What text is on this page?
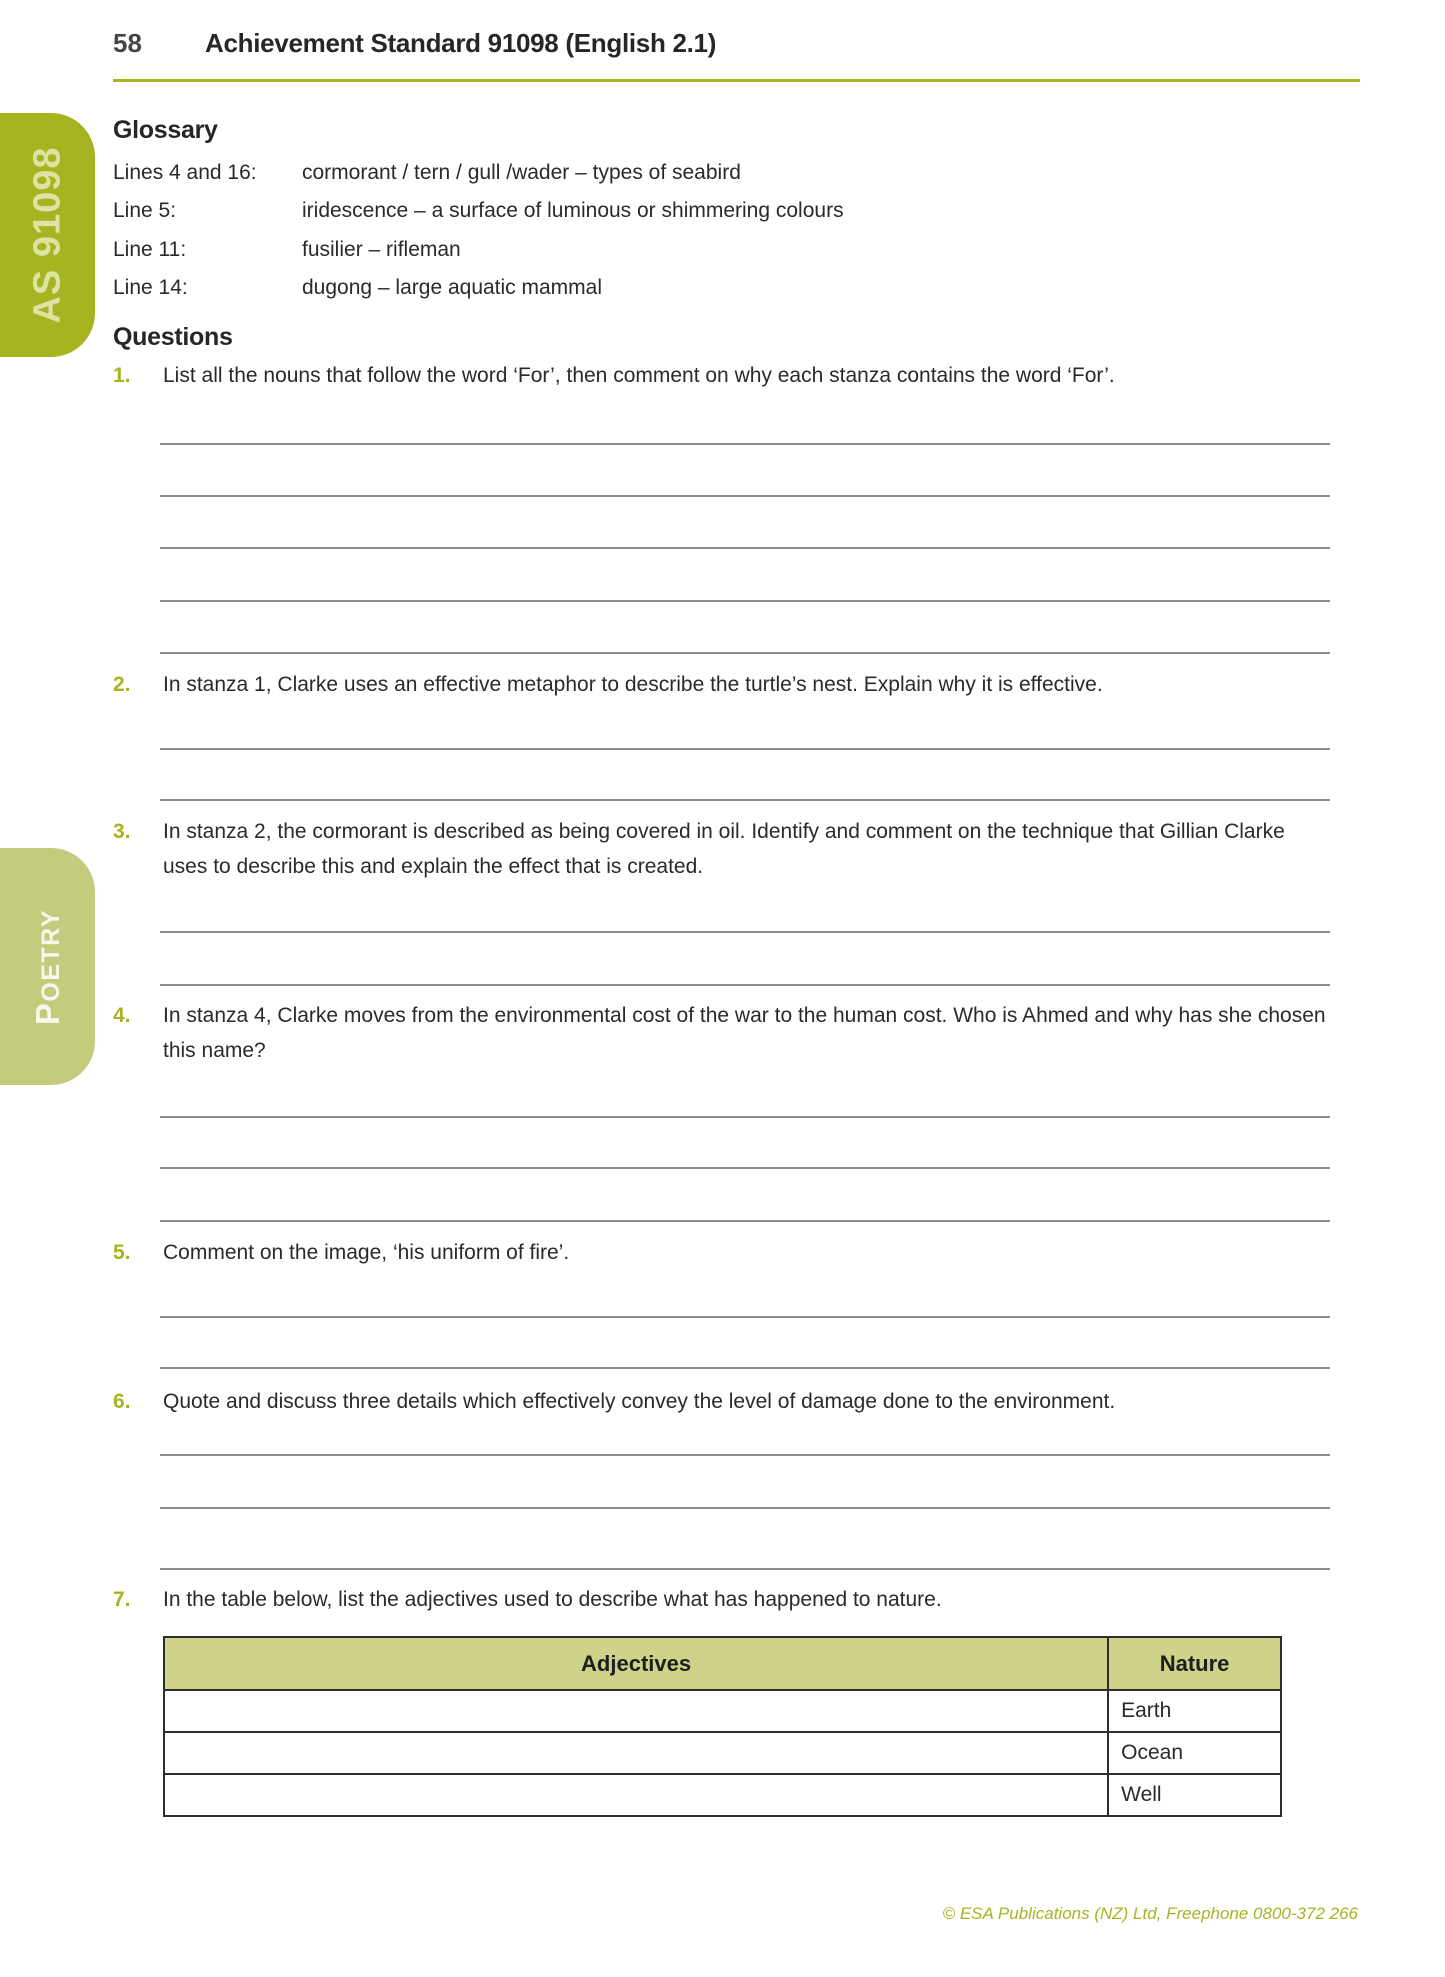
58 Achievement Standard 91098 (English 2.1)
AS 91098
POETRY
Glossary
Lines 4 and 16: cormorant / tern / gull /wader – types of seabird
Line 5:	iridescence – a surface of luminous or shimmering colours
Line 11:	fusilier – rifleman
Line 14:	dugong – large aquatic mammal
Questions
1.	List all the nouns that follow the word ‘For’, then comment on why each stanza contains the word ‘For’.
2.	In stanza 1, Clarke uses an effective metaphor to describe the turtle’s nest. Explain why it is effective.
3.	In stanza 2, the cormorant is described as being covered in oil. Identify and comment on the technique that Gillian Clarke uses to describe this and explain the effect that is created.
4.	In stanza 4, Clarke moves from the environmental cost of the war to the human cost. Who is Ahmed and why has she chosen this name?
5.	Comment on the image, ‘his uniform of fire’.
6.	Quote and discuss three details which effectively convey the level of damage done to the environment.
7.	In the table below, list the adjectives used to describe what has happened to nature.
Adjectives	Nature
	Earth
	Ocean
	Well
© ESA Publications (NZ) Ltd, Freephone 0800-372 266
